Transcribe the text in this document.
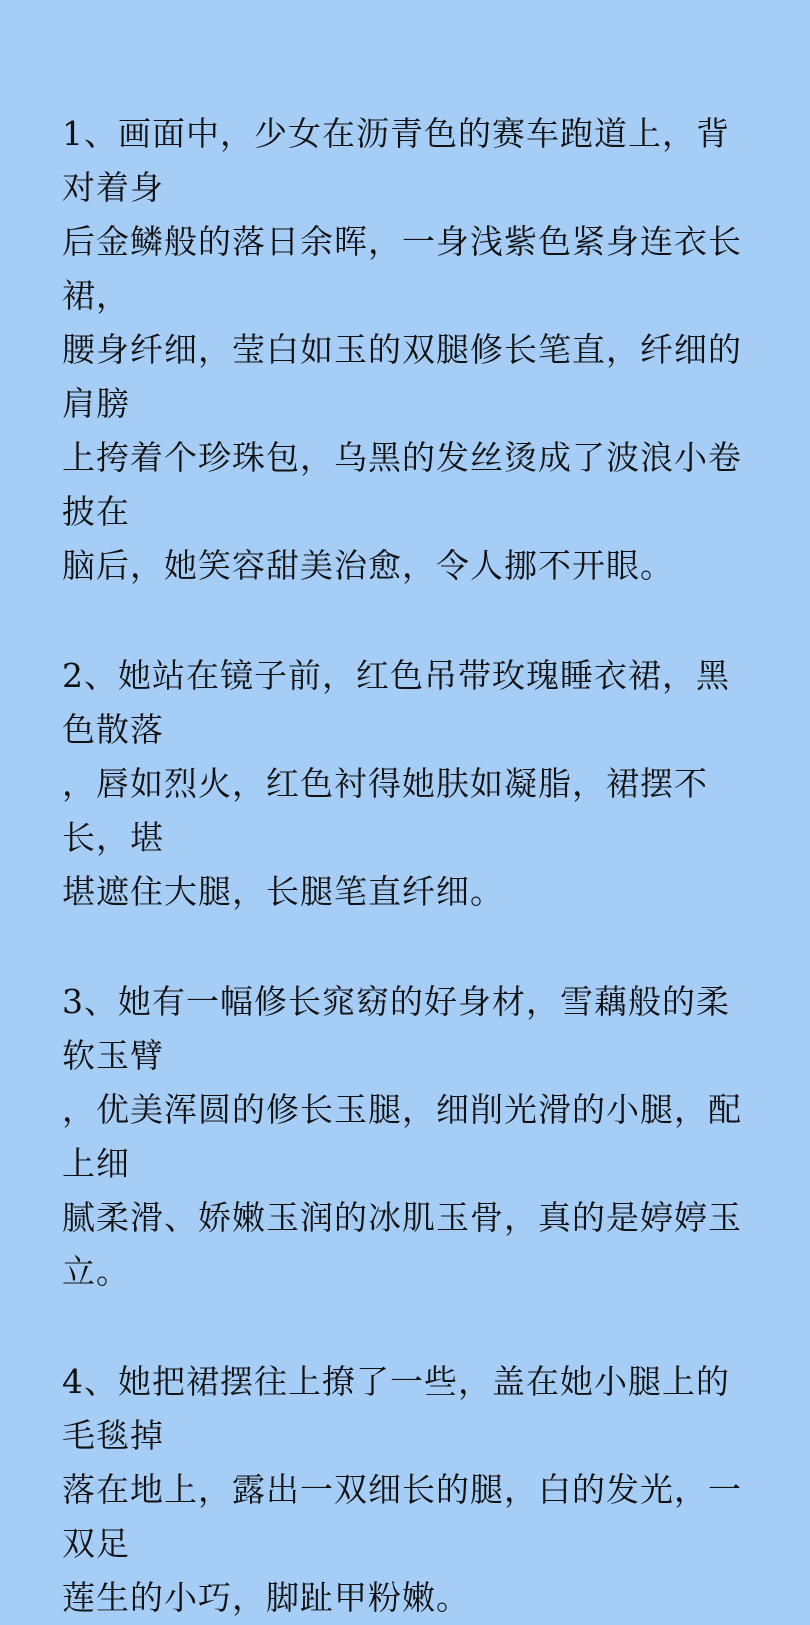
1、画面中，少女在沥青色的赛车跑道上，背对着身
后金鳞般的落日余晖，一身浅紫色紧身连衣长裙，
腰身纤细，莹白如玉的双腿修长笔直，纤细的肩膀
上挎着个珍珠包，乌黑的发丝烫成了波浪小卷披在
脑后，她笑容甜美治愈，令人挪不开眼。

2、她站在镜子前，红色吊带玫瑰睡衣裙，黑色散落
，唇如烈火，红色衬得她肤如凝脂，裙摆不长，堪
堪遮住大腿，长腿笔直纤细。

3、她有一幅修长窕窈的好身材，雪藕般的柔软玉臂
，优美浑圆的修长玉腿，细削光滑的小腿，配上细
腻柔滑、娇嫩玉润的冰肌玉骨，真的是婷婷玉立。

4、她把裙摆往上撩了一些，盖在她小腿上的毛毯掉
落在地上，露出一双细长的腿，白的发光，一双足
莲生的小巧，脚趾甲粉嫩。
